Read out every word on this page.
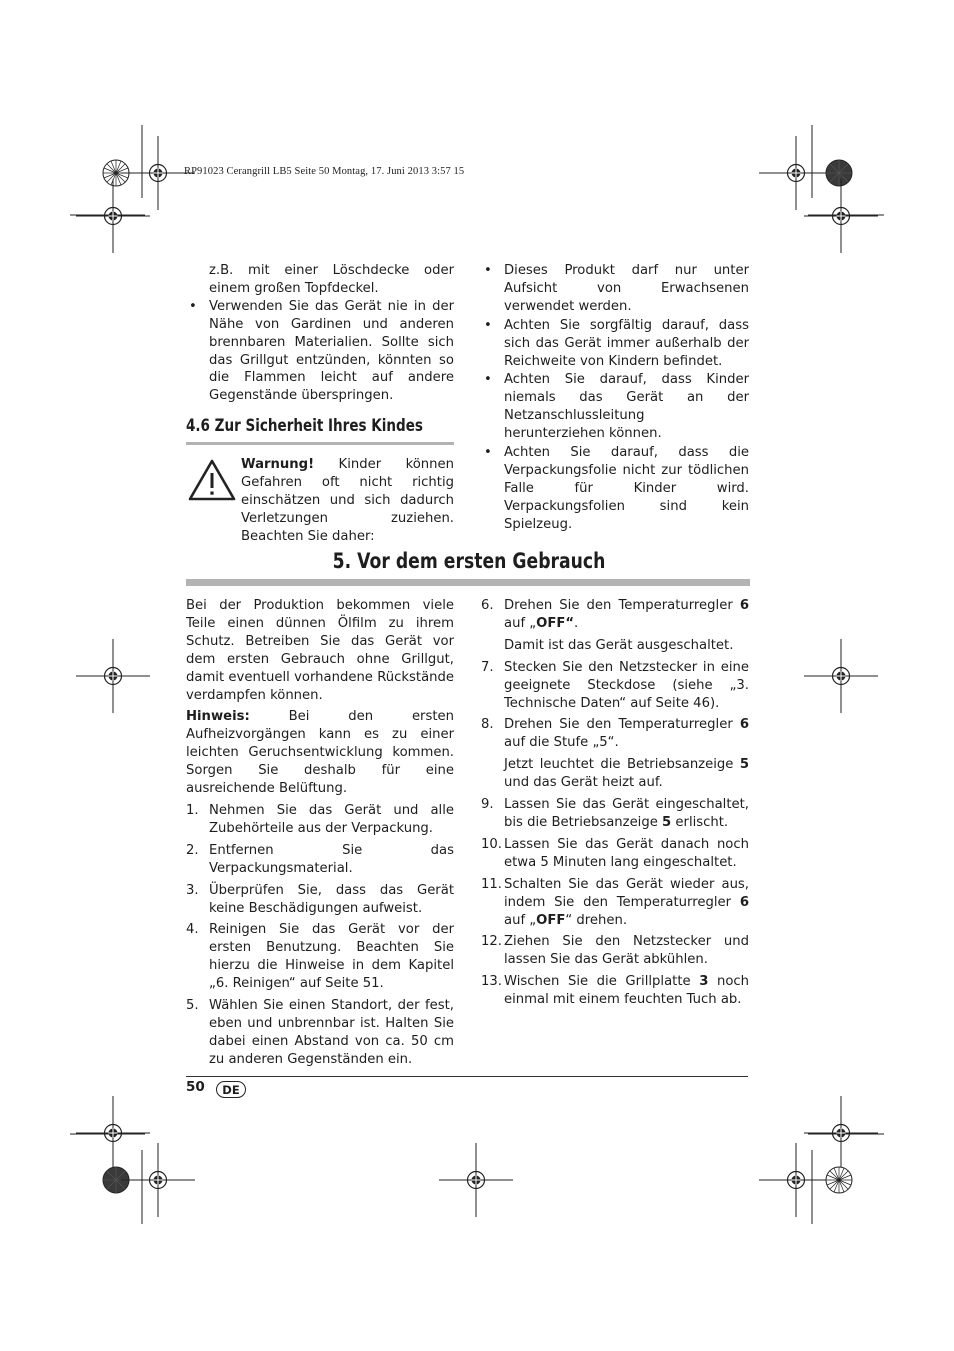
RP91023 Cerangrill LB5 Seite 50 Montag, 17. Juni 2013 3:57 15
z.B. mit einer Löschdecke oder einem großen Topfdeckel.
• Verwenden Sie das Gerät nie in der Nähe von Gardinen und anderen brennbaren Materialien. Sollte sich das Grillgut entzünden, könnten so die Flammen leicht auf andere Gegenstände überspringen.
4.6 Zur Sicherheit Ihres Kindes
Warnung! Kinder können Gefahren oft nicht richtig einschätzen und sich dadurch Verletzungen zuziehen. Beachten Sie daher:
• Dieses Produkt darf nur unter Aufsicht von Erwachsenen verwendet werden.
• Achten Sie sorgfältig darauf, dass sich das Gerät immer außerhalb der Reichweite von Kindern befindet.
• Achten Sie darauf, dass Kinder niemals das Gerät an der Netzanschlussleitung herunterziehen können.
• Achten Sie darauf, dass die Verpackungsfolie nicht zur tödlichen Falle für Kinder wird. Verpackungsfolien sind kein Spielzeug.
5. Vor dem ersten Gebrauch

Bei der Produktion bekommen viele Teile einen dünnen Ölfilm zu ihrem Schutz. Betreiben Sie das Gerät vor dem ersten Gebrauch ohne Grillgut, damit eventuell vorhandene Rückstände verdampfen können.

Hinweis: Bei den ersten Aufheizvorgängen kann es zu einer leichten Geruchsentwicklung kommen. Sorgen Sie deshalb für eine ausreichende Belüftung.

1. Nehmen Sie das Gerät und alle Zubehörteile aus der Verpackung.
2. Entfernen Sie das Verpackungsmaterial.
3. Überprüfen Sie, dass das Gerät keine Beschädigungen aufweist.
4. Reinigen Sie das Gerät vor der ersten Benutzung. Beachten Sie hierzu die Hinweise in dem Kapitel „6. Reinigen“ auf Seite 51.
5. Wählen Sie einen Standort, der fest, eben und unbrennbar ist. Halten Sie dabei einen Abstand von ca. 50 cm zu anderen Gegenständen ein.
6. Drehen Sie den Temperaturregler 6 auf „OFF“.
Damit ist das Gerät ausgeschaltet.
7. Stecken Sie den Netzstecker in eine geeignete Steckdose (siehe „3. Technische Daten“ auf Seite 46).
8. Drehen Sie den Temperaturregler 6 auf die Stufe „5“.
Jetzt leuchtet die Betriebsanzeige 5 und das Gerät heizt auf.
9. Lassen Sie das Gerät eingeschaltet, bis die Betriebsanzeige 5 erlischt.
10. Lassen Sie das Gerät danach noch etwa 5 Minuten lang eingeschaltet.
11. Schalten Sie das Gerät wieder aus, indem Sie den Temperaturregler 6 auf „OFF“ drehen.
12. Ziehen Sie den Netzstecker und lassen Sie das Gerät abkühlen.
13. Wischen Sie die Grillplatte 3 noch einmal mit einem feuchten Tuch ab.
50	DE
